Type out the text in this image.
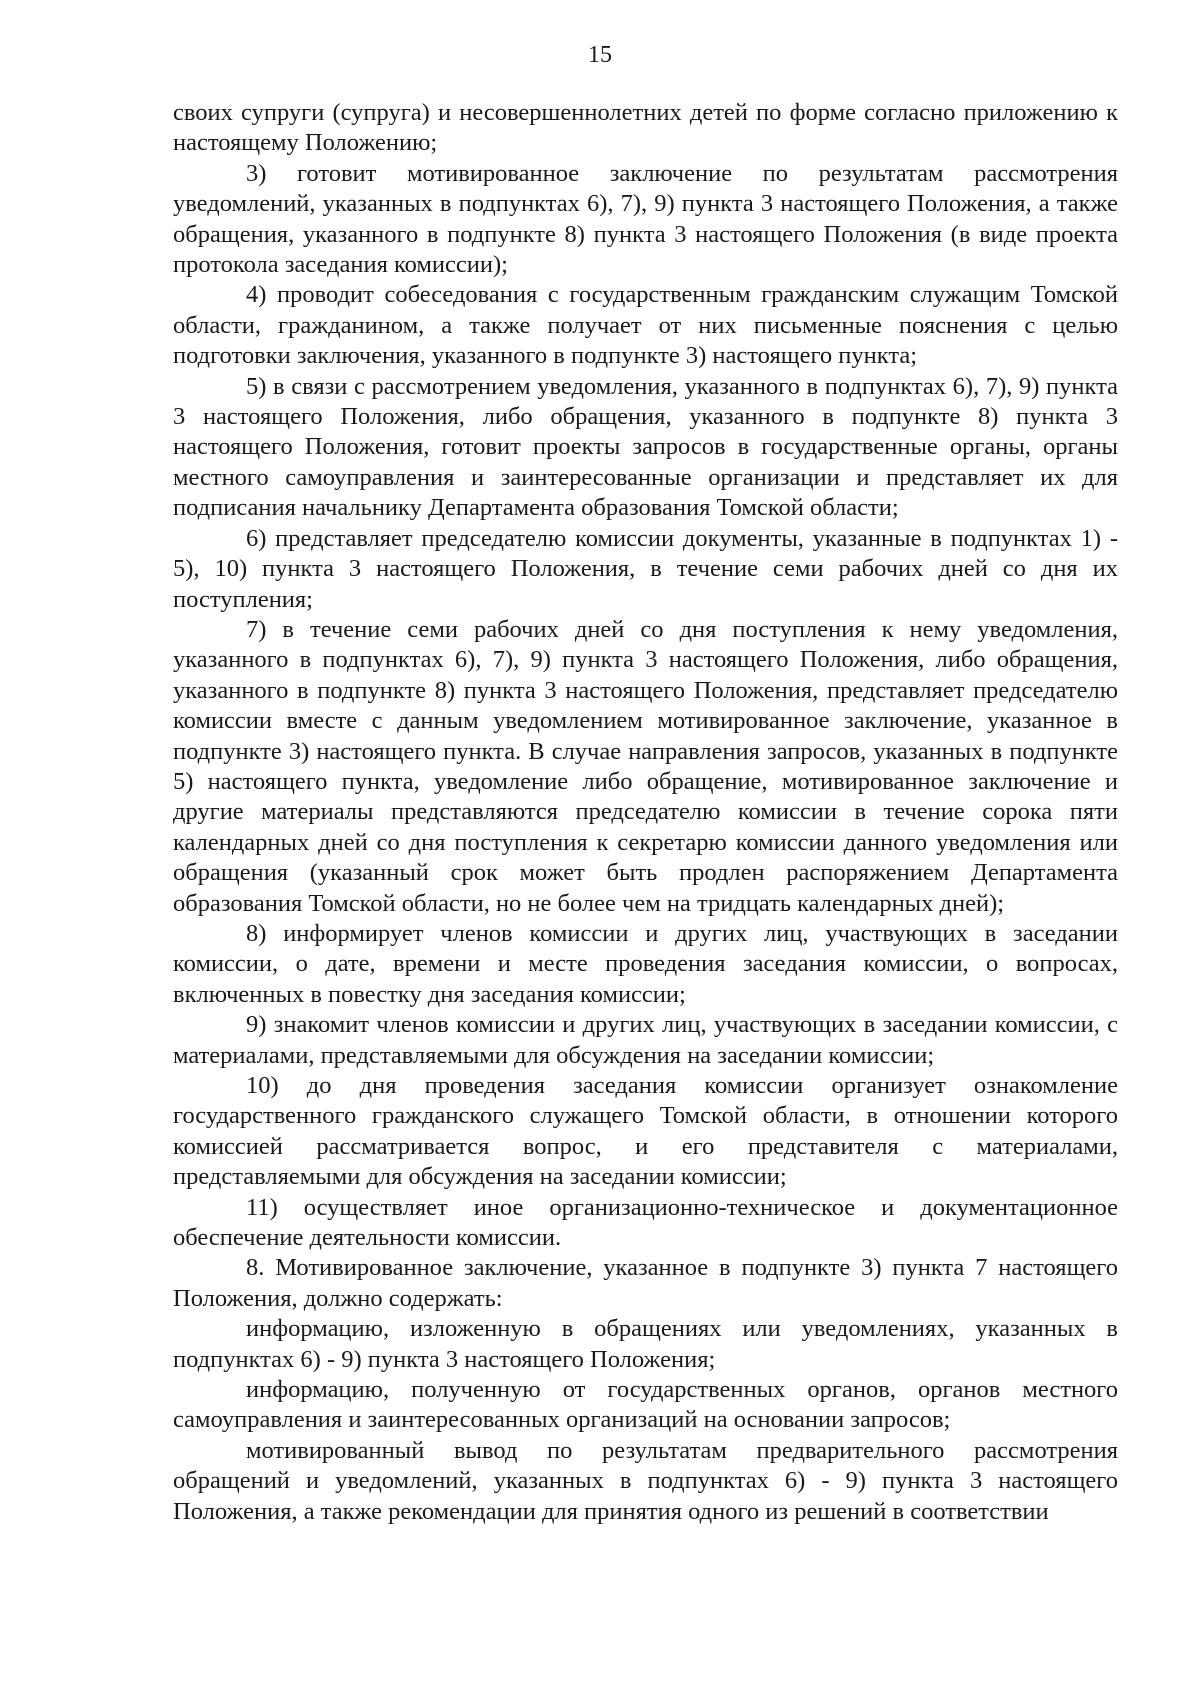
15

своих супруги (супруга) и несовершеннолетних детей по форме согласно приложению к настоящему Положению;

3) готовит мотивированное заключение по результатам рассмотрения уведомлений, указанных в подпунктах 6), 7), 9) пункта 3 настоящего Положения, а также обращения, указанного в подпункте 8) пункта 3 настоящего Положения (в виде проекта протокола заседания комиссии);

4) проводит собеседования с государственным гражданским служащим Томской области, гражданином, а также получает от них письменные пояснения с целью подготовки заключения, указанного в подпункте 3) настоящего пункта;

5) в связи с рассмотрением уведомления, указанного в подпунктах 6), 7), 9) пункта 3 настоящего Положения, либо обращения, указанного в подпункте 8) пункта 3 настоящего Положения, готовит проекты запросов в государственные органы, органы местного самоуправления и заинтересованные организации и представляет их для подписания начальнику Департамента образования Томской области;

6) представляет председателю комиссии документы, указанные в подпунктах 1) - 5), 10) пункта 3 настоящего Положения, в течение семи рабочих дней со дня их поступления;

7) в течение семи рабочих дней со дня поступления к нему уведомления, указанного в подпунктах 6), 7), 9) пункта 3 настоящего Положения, либо обращения, указанного в подпункте 8) пункта 3 настоящего Положения, представляет председателю комиссии вместе с данным уведомлением мотивированное заключение, указанное в подпункте 3) настоящего пункта. В случае направления запросов, указанных в подпункте 5) настоящего пункта, уведомление либо обращение, мотивированное заключение и другие материалы представляются председателю комиссии в течение сорока пяти календарных дней со дня поступления к секретарю комиссии данного уведомления или обращения (указанный срок может быть продлен распоряжением Департамента образования Томской области, но не более чем на тридцать календарных дней);

8) информирует членов комиссии и других лиц, участвующих в заседании комиссии, о дате, времени и месте проведения заседания комиссии, о вопросах, включенных в повестку дня заседания комиссии;

9) знакомит членов комиссии и других лиц, участвующих в заседании комиссии, с материалами, представляемыми для обсуждения на заседании комиссии;

10) до дня проведения заседания комиссии организует ознакомление государственного гражданского служащего Томской области, в отношении которого комиссией рассматривается вопрос, и его представителя с материалами, представляемыми для обсуждения на заседании комиссии;

11) осуществляет иное организационно-техническое и документационное обеспечение деятельности комиссии.

8. Мотивированное заключение, указанное в подпункте 3) пункта 7 настоящего Положения, должно содержать:

информацию, изложенную в обращениях или уведомлениях, указанных в подпунктах 6) - 9) пункта 3 настоящего Положения;

информацию, полученную от государственных органов, органов местного самоуправления и заинтересованных организаций на основании запросов;

мотивированный вывод по результатам предварительного рассмотрения обращений и уведомлений, указанных в подпунктах 6) - 9) пункта 3 настоящего Положения, а также рекомендации для принятия одного из решений в соответствии
